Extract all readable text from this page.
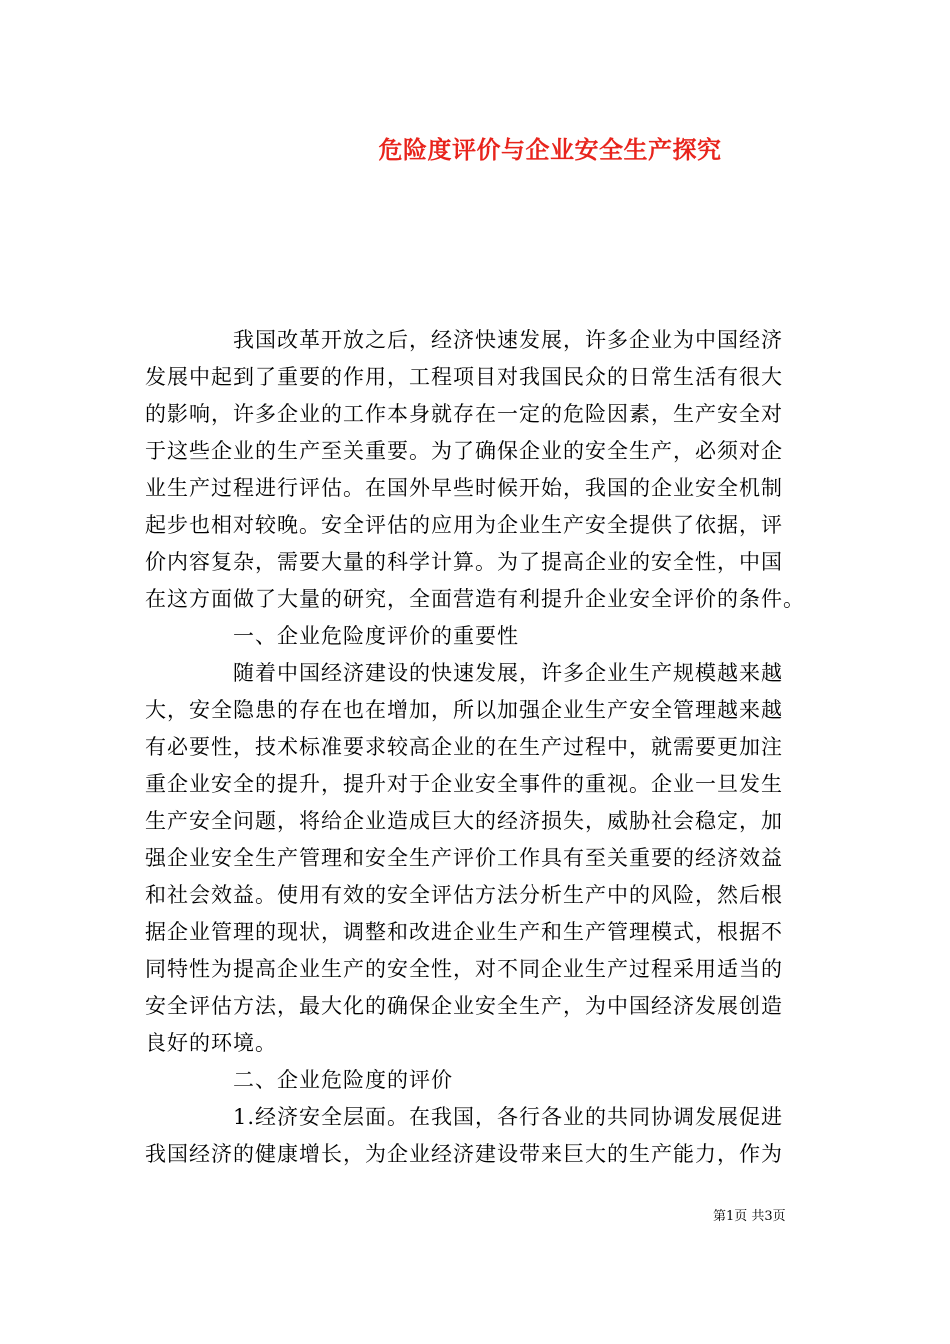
危险度评价与企业安全生产探究
　　　　我国改革开放之后，经济快速发展，许多企业为中国经济
发展中起到了重要的作用，工程项目对我国民众的日常生活有很大
的影响，许多企业的工作本身就存在一定的危险因素，生产安全对
于这些企业的生产至关重要。为了确保企业的安全生产，必须对企
业生产过程进行评估。在国外早些时候开始，我国的企业安全机制
起步也相对较晚。安全评估的应用为企业生产安全提供了依据，评
价内容复杂，需要大量的科学计算。为了提高企业的安全性，中国
在这方面做了大量的研究，全面营造有利提升企业安全评价的条件。
　　　　一、企业危险度评价的重要性
　　　　随着中国经济建设的快速发展，许多企业生产规模越来越
大，安全隐患的存在也在增加，所以加强企业生产安全管理越来越
有必要性，技术标准要求较高企业的在生产过程中，就需要更加注
重企业安全的提升，提升对于企业安全事件的重视。企业一旦发生
生产安全问题，将给企业造成巨大的经济损失，威胁社会稳定，加
强企业安全生产管理和安全生产评价工作具有至关重要的经济效益
和社会效益。使用有效的安全评估方法分析生产中的风险，然后根
据企业管理的现状，调整和改进企业生产和生产管理模式，根据不
同特性为提高企业生产的安全性，对不同企业生产过程采用适当的
安全评估方法，最大化的确保企业安全生产，为中国经济发展创造
良好的环境。
　　　　二、企业危险度的评价
　　　　1.经济安全层面。在我国，各行各业的共同协调发展促进
我国经济的健康增长，为企业经济建设带来巨大的生产能力，作为
第1页 共3页
